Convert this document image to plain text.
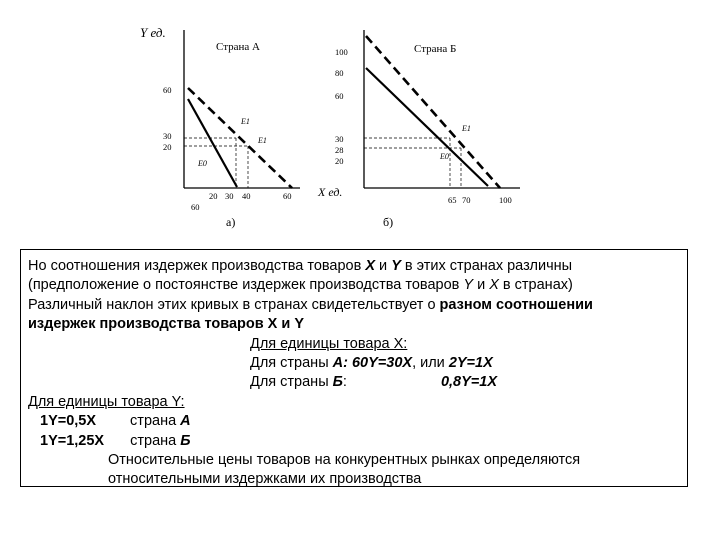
Y ед.
Страна А
60
30
20
E1
E1
E0
20 30 40	60
60
а)
Страна Б
100
80
60
30
28
20
E1
E0
X ед.
65 70	100
б)

Но соотношения издержек производства товаров X и Y в этих странах различны

(предположение о постоянстве издержек производства товаров Y и X в странах)

Различный наклон этих кривых в странах свидетельствует о разном соотношении

издержек производства товаров Х и Y

Для единицы товара Х:

Для страны А: 60Y=30X, или 2Y=1X

Для страны Б:	0,8Y=1X

Для единицы товара Y:

1Y=0,5X страна А

1Y=1,25X страна Б

Относительные цены товаров на конкурентных рынках определяются

относительными издержками их производства
